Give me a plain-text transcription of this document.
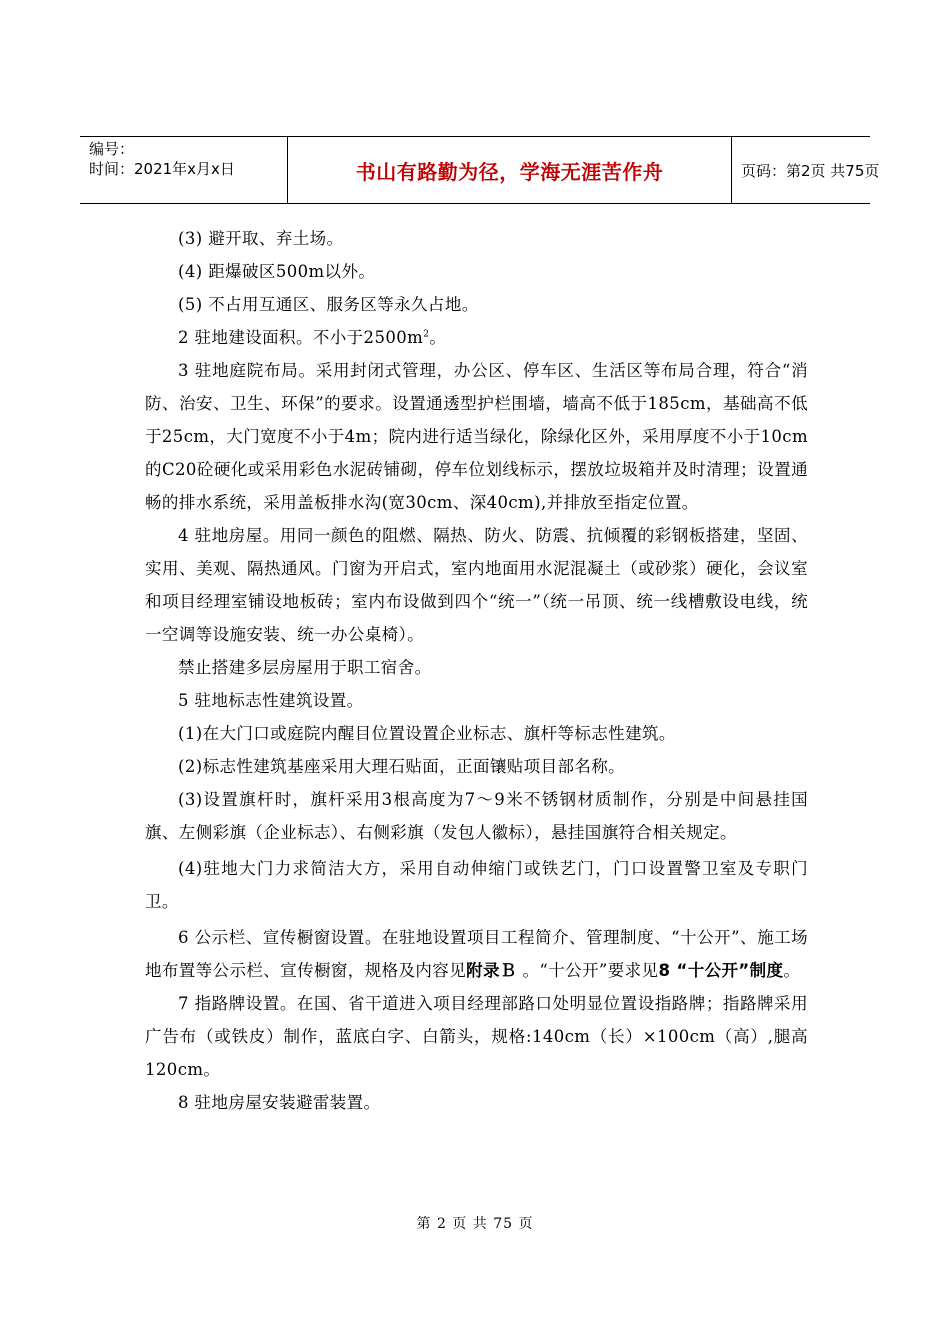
编号：
时间：2021年x月x日	书山有路勤为径，学海无涯苦作舟	页码：第2页 共75页

(3) 避开取、弃土场。

(4) 距爆破区500m以外。

(5) 不占用互通区、服务区等永久占地。

2 驻地建设面积。不小于$2500m^2$。

3 驻地庭院布局。采用封闭式管理，办公区、停车区、生活区等布局合理，符合“消防、治安、卫生、环保”的要求。设置通透型护栏围墙，墙高不低于185cm，基础高不低于25cm，大门宽度不小于4m；院内进行适当绿化，除绿化区外，采用厚度不小于10cm的C20砼硬化或采用彩色水泥砖铺砌，停车位划线标示，摆放垃圾箱并及时清理；设置通畅的排水系统，采用盖板排水沟(宽30cm、深40cm),并排放至指定位置。

4 驻地房屋。用同一颜色的阻燃、隔热、防火、防震、抗倾覆的彩钢板搭建，坚固、实用、美观、隔热通风。门窗为开启式，室内地面用水泥混凝土（或砂浆）硬化，会议室和项目经理室铺设地板砖；室内布设做到四个“统一”（统一吊顶、统一线槽敷设电线，统一空调等设施安装、统一办公桌椅）。

禁止搭建多层房屋用于职工宿舍。

5 驻地标志性建筑设置。

(1)在大门口或庭院内醒目位置设置企业标志、旗杆等标志性建筑。

(2)标志性建筑基座采用大理石贴面，正面镶贴项目部名称。

(3)设置旗杆时，旗杆采用3根高度为7～9米不锈钢材质制作，分别是中间悬挂国旗、左侧彩旗（企业标志）、右侧彩旗（发包人徽标），悬挂国旗符合相关规定。

(4)驻地大门力求简洁大方，采用自动伸缩门或铁艺门，门口设置警卫室及专职门卫。

6 公示栏、宣传橱窗设置。在驻地设置项目工程简介、管理制度、“十公开”、施工场地布置等公示栏、宣传橱窗，规格及内容见附录Ｂ 。“十公开”要求见8 “十公开”制度。

7 指路牌设置。在国、省干道进入项目经理部路口处明显位置设指路牌；指路牌采用广告布（或铁皮）制作，蓝底白字、白箭头，规格:140cm（长）×100cm（高）,腿高120cm。

8 驻地房屋安装避雷装置。

第 2 页 共 75 页
